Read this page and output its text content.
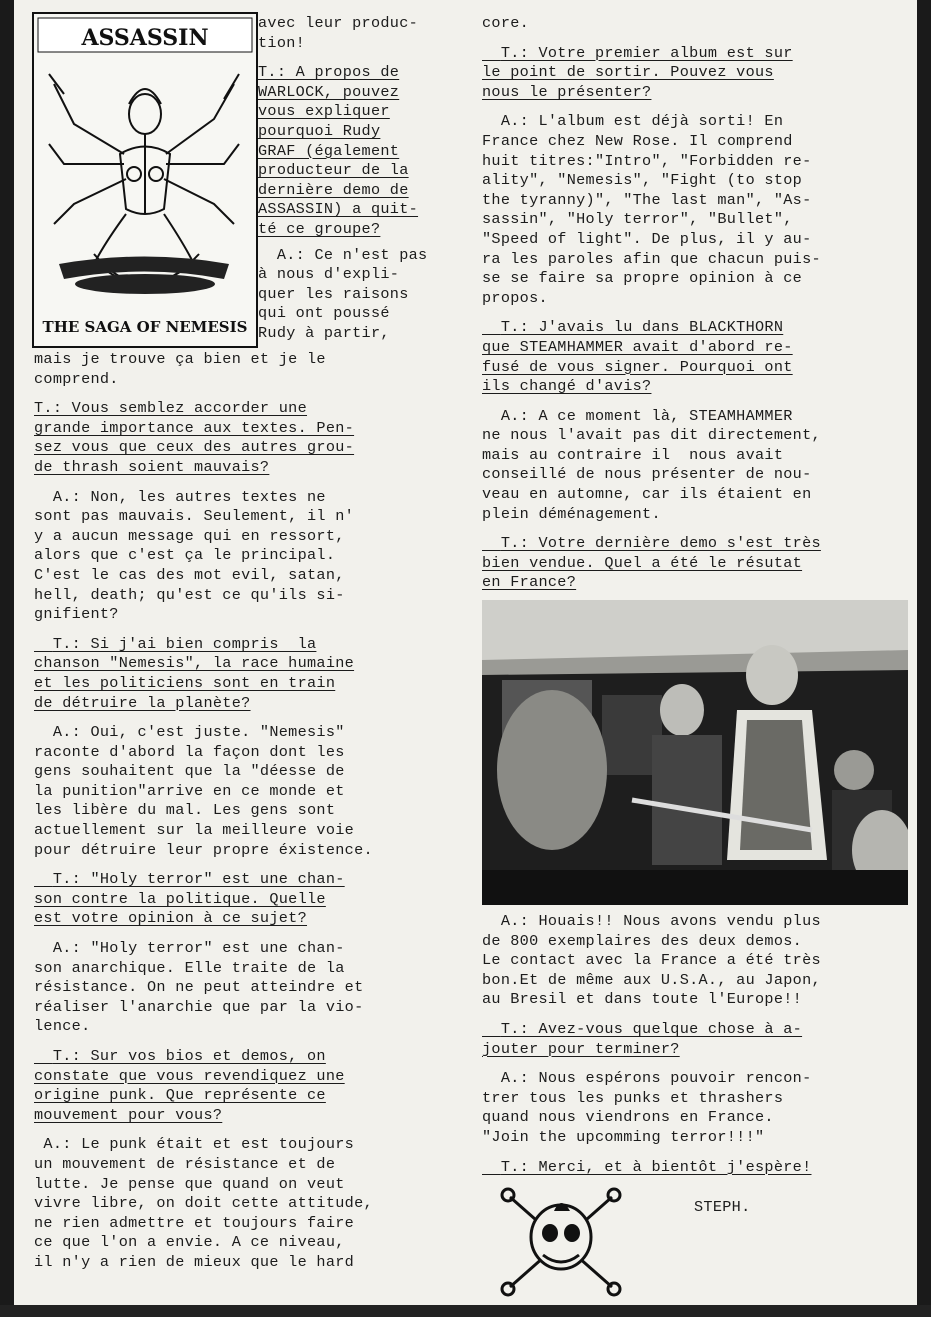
ASSASSIN
THE SAGA OF NEMESIS

avec leur produc-
tion!

T.: A propos de
WARLOCK, pouvez
vous expliquer
pourquoi Rudy
GRAF (également
producteur de la
dernière demo de
ASSASSIN) a quit-
té ce groupe?

A.: Ce n'est pas
à nous d'expli-
quer les raisons
qui ont poussé
Rudy à partir,

mais je trouve ça bien et je le
comprend.

T.: Vous semblez accorder une
grande importance aux textes. Pen-
sez vous que ceux des autres grou-
de thrash soient mauvais?

A.: Non, les autres textes ne
sont pas mauvais. Seulement, il n'
y a aucun message qui en ressort,
alors que c'est ça le principal.
C'est le cas des mot evil, satan,
hell, death; qu'est ce qu'ils si-
gnifient?

T.: Si j'ai bien compris  la
chanson "Nemesis", la race humaine
et les politiciens sont en train
de détruire la planète?

A.: Oui, c'est juste. "Nemesis"
raconte d'abord la façon dont les
gens souhaitent que la "déesse de
la punition"arrive en ce monde et
les libère du mal. Les gens sont
actuellement sur la meilleure voie
pour détruire leur propre éxistence.

T.: "Holy terror" est une chan-
son contre la politique. Quelle
est votre opinion à ce sujet?

A.: "Holy terror" est une chan-
son anarchique. Elle traite de la
résistance. On ne peut atteindre et
réaliser l'anarchie que par la vio-
lence.

T.: Sur vos bios et demos, on
constate que vous revendiquez une
origine punk. Que représente ce
mouvement pour vous?

A.: Le punk était et est toujours
un mouvement de résistance et de
lutte. Je pense que quand on veut
vivre libre, on doit cette attitude,
ne rien admettre et toujours faire
ce que l'on a envie. A ce niveau,
il n'y a rien de mieux que le hard

core.

T.: Votre premier album est sur
le point de sortir. Pouvez vous
nous le présenter?

A.: L'album est déjà sorti! En
France chez New Rose. Il comprend
huit titres:"Intro", "Forbidden re-
ality", "Nemesis", "Fight (to stop
the tyranny)", "The last man", "As-
sassin", "Holy terror", "Bullet",
"Speed of light". De plus, il y au-
ra les paroles afin que chacun puis-
se se faire sa propre opinion à ce
propos.

T.: J'avais lu dans BLACKTHORN
que STEAMHAMMER avait d'abord re-
fusé de vous signer. Pourquoi ont
ils changé d'avis?

A.: A ce moment là, STEAMHAMMER
ne nous l'avait pas dit directement,
mais au contraire il  nous avait
conseillé de nous présenter de nou-
veau en automne, car ils étaient en
plein déménagement.

T.: Votre dernière demo s'est très
bien vendue. Quel a été le résutat
en France?

A.: Houais!! Nous avons vendu plus
de 800 exemplaires des deux demos.
Le contact avec la France a été très
bon.Et de même aux U.S.A., au Japon,
au Bresil et dans toute l'Europe!!

T.: Avez-vous quelque chose à a-
jouter pour terminer?

A.: Nous espérons pouvoir rencon-
trer tous les punks et thrashers
quand nous viendrons en France.
"Join the upcomming terror!!!"

T.: Merci, et à bientôt j'espère!

STEPH.
